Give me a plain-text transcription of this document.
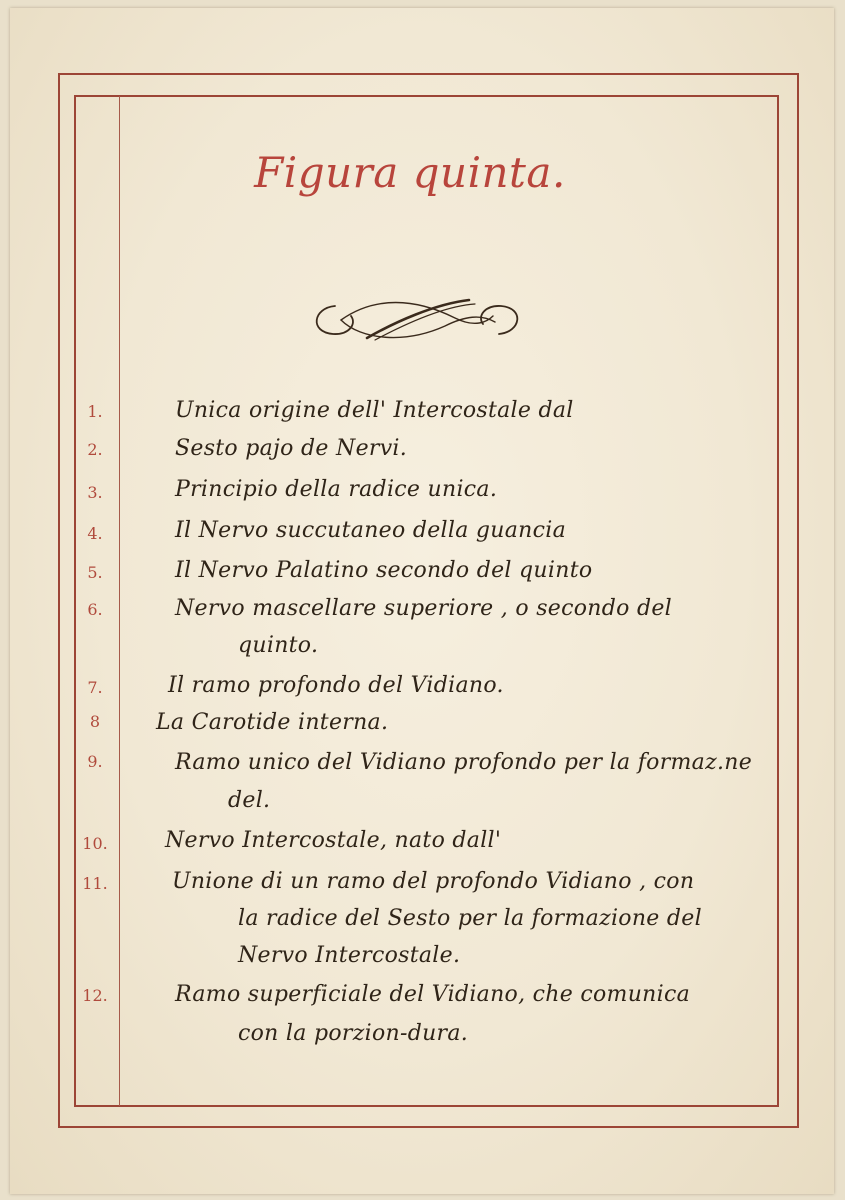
Figura quinta.
1.	Unica origine dell' Intercostale dal
2.	Sesto pajo de Nervi.
3.	Principio della radice unica.
4.	Il Nervo succutaneo della guancia
5.	Il Nervo Palatino secondo del quinto
6.	Nervo mascellare superiore , o secondo del
quinto.
7.	Il ramo profondo del Vidiano.
8	La Carotide interna.
9.	Ramo unico del Vidiano profondo per la formaz.ne
del.
10.	Nervo Intercostale, nato dall'
11.	Unione di un ramo del profondo Vidiano , con
la radice del Sesto per la formazione del
Nervo Intercostale.
12.	Ramo superficiale del Vidiano, che comunica
con la porzion-dura.
